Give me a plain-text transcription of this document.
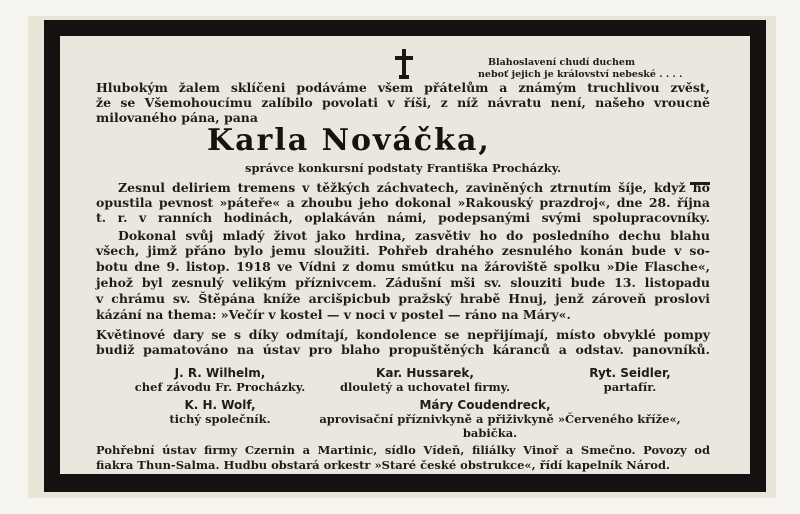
Blahoslavení chudí duchem
neboť jejich je království nebeské . . . .
Hlubokým žalem sklíčeni podáváme všem přátelům a známým truchlivou zvěst,
že se Všemohoucímu zalíbilo povolati v říši, z níž návratu není, našeho vroucně
milovaného pána, pana
Karla Nováčka,
správce konkursní podstaty Františka Procházky.
Zesnul deliriem tremens v těžkých záchvatech, zaviněných ztrnutím šíje, když ho
opustila pevnost »páteře« a zhoubu jeho dokonal »Rakouský prazdroj«, dne 28. října
t. r. v ranních hodinách, oplakáván námi, podepsanými svými spolupracovníky.
Dokonal svůj mladý život jako hrdina, zasvětiv ho do posledního dechu blahu
všech, jimž přáno bylo jemu sloužiti. Pohřeb drahého zesnulého konán bude v so-
botu dne 9. listop. 1918 ve Vídni z domu smútku na žároviště spolku »Die Flasche«,
jehož byl zesnulý velikým příznivcem. Zádušní mši sv. slouziti bude 13. listopadu
v chrámu sv. Štěpána kníže arcišpicbub pražský hrabě Hnuj, jenž zároveň proslovi
kázání na thema: »Večír v kostel — v noci v postel — ráno na Máry«.
Květinové dary se s díky odmítají, kondolence se nepřijímají, místo obvyklé pompy
budiž pamatováno na ústav pro blaho propuštěných káranců a odstav. panovníků.
J. R. Wilhelm,
chef závodu Fr. Procházky.
Kar. Hussarek,
dlouletý a uchovatel firmy.
Ryt. Seidler,
partafír.
K. H. Wolf,
tichý společník.
Máry Coudendreck,
aprovisační příznivkyně a přiživkyně »Červeného kříže«,
babička.
Pohřební ústav firmy Czernin a Martinic, sídlo Vídeň, filiálky Vinoř a Smečno. Povozy od
fiakra Thun-Salma. Hudbu obstará orkestr »Staré české obstrukce«, řídí kapelník Národ.
